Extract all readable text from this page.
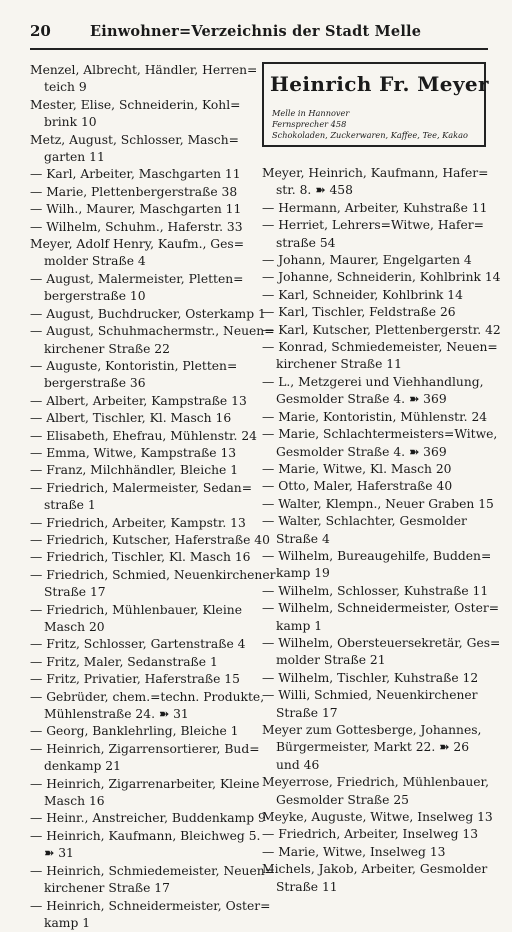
20	Einwohner=Verzeichnis der Stadt Melle
Menzel, Albrecht, Händler, Herren=
teich 9
Mester, Elise, Schneiderin, Kohl=
brink 10
Metz, August, Schlosser, Masch=
garten 11
— Karl, Arbeiter, Maschgarten 11
— Marie, Plettenbergerstraße 38
— Wilh., Maurer, Maschgarten 11
— Wilhelm, Schuhm., Haferstr. 33
Meyer, Adolf Henry, Kaufm., Ges=
molder Straße 4
— August, Malermeister, Pletten=
bergerstraße 10
— August, Buchdrucker, Osterkamp 1
— August, Schuhmachermstr., Neuen=
kirchener Straße 22
— Auguste, Kontoristin, Pletten=
bergerstraße 36
— Albert, Arbeiter, Kampstraße 13
— Albert, Tischler, Kl. Masch 16
— Elisabeth, Ehefrau, Mühlenstr. 24
— Emma, Witwe, Kampstraße 13
— Franz, Milchhändler, Bleiche 1
— Friedrich, Malermeister, Sedan=
straße 1
— Friedrich, Arbeiter, Kampstr. 13
— Friedrich, Kutscher, Haferstraße 40
— Friedrich, Tischler, Kl. Masch 16
— Friedrich, Schmied, Neuenkirchener
Straße 17
— Friedrich, Mühlenbauer, Kleine
Masch 20
— Fritz, Schlosser, Gartenstraße 4
— Fritz, Maler, Sedanstraße 1
— Fritz, Privatier, Haferstraße 15
— Gebrüder, chem.=techn. Produkte,
Mühlenstraße 24. ➽ 31
— Georg, Banklehrling, Bleiche 1
— Heinrich, Zigarrensortierer, Bud=
denkamp 21
— Heinrich, Zigarrenarbeiter, Kleine
Masch 16
— Heinr., Anstreicher, Buddenkamp 9
— Heinrich, Kaufmann, Bleichweg 5.
➽ 31
— Heinrich, Schmiedemeister, Neuen=
kirchener Straße 17
— Heinrich, Schneidermeister, Oster=
kamp 1
Heinrich Fr. Meyer
Melle in Hannover
Fernsprecher 458
Schokoladen, Zuckerwaren, Kaffee, Tee, Kakao
Meyer, Heinrich, Kaufmann, Hafer=
str. 8. ➽ 458
— Hermann, Arbeiter, Kuhstraße 11
— Herriet, Lehrers=Witwe, Hafer=
straße 54
— Johann, Maurer, Engelgarten 4
— Johanne, Schneiderin, Kohlbrink 14
— Karl, Schneider, Kohlbrink 14
— Karl, Tischler, Feldstraße 26
— Karl, Kutscher, Plettenbergerstr. 42
— Konrad, Schmiedemeister, Neuen=
kirchener Straße 11
— L., Metzgerei und Viehhandlung,
Gesmolder Straße 4. ➽ 369
— Marie, Kontoristin, Mühlenstr. 24
— Marie, Schlachtermeisters=Witwe,
Gesmolder Straße 4. ➽ 369
— Marie, Witwe, Kl. Masch 20
— Otto, Maler, Haferstraße 40
— Walter, Klempn., Neuer Graben 15
— Walter, Schlachter, Gesmolder
Straße 4
— Wilhelm, Bureaugehilfe, Budden=
kamp 19
— Wilhelm, Schlosser, Kuhstraße 11
— Wilhelm, Schneidermeister, Oster=
kamp 1
— Wilhelm, Obersteuersekretär, Ges=
molder Straße 21
— Wilhelm, Tischler, Kuhstraße 12
— Willi, Schmied, Neuenkirchener
Straße 17
Meyer zum Gottesberge, Johannes,
Bürgermeister, Markt 22. ➽ 26
und 46
Meyerrose, Friedrich, Mühlenbauer,
Gesmolder Straße 25
Meyke, Auguste, Witwe, Inselweg 13
— Friedrich, Arbeiter, Inselweg 13
— Marie, Witwe, Inselweg 13
Michels, Jakob, Arbeiter, Gesmolder
Straße 11
